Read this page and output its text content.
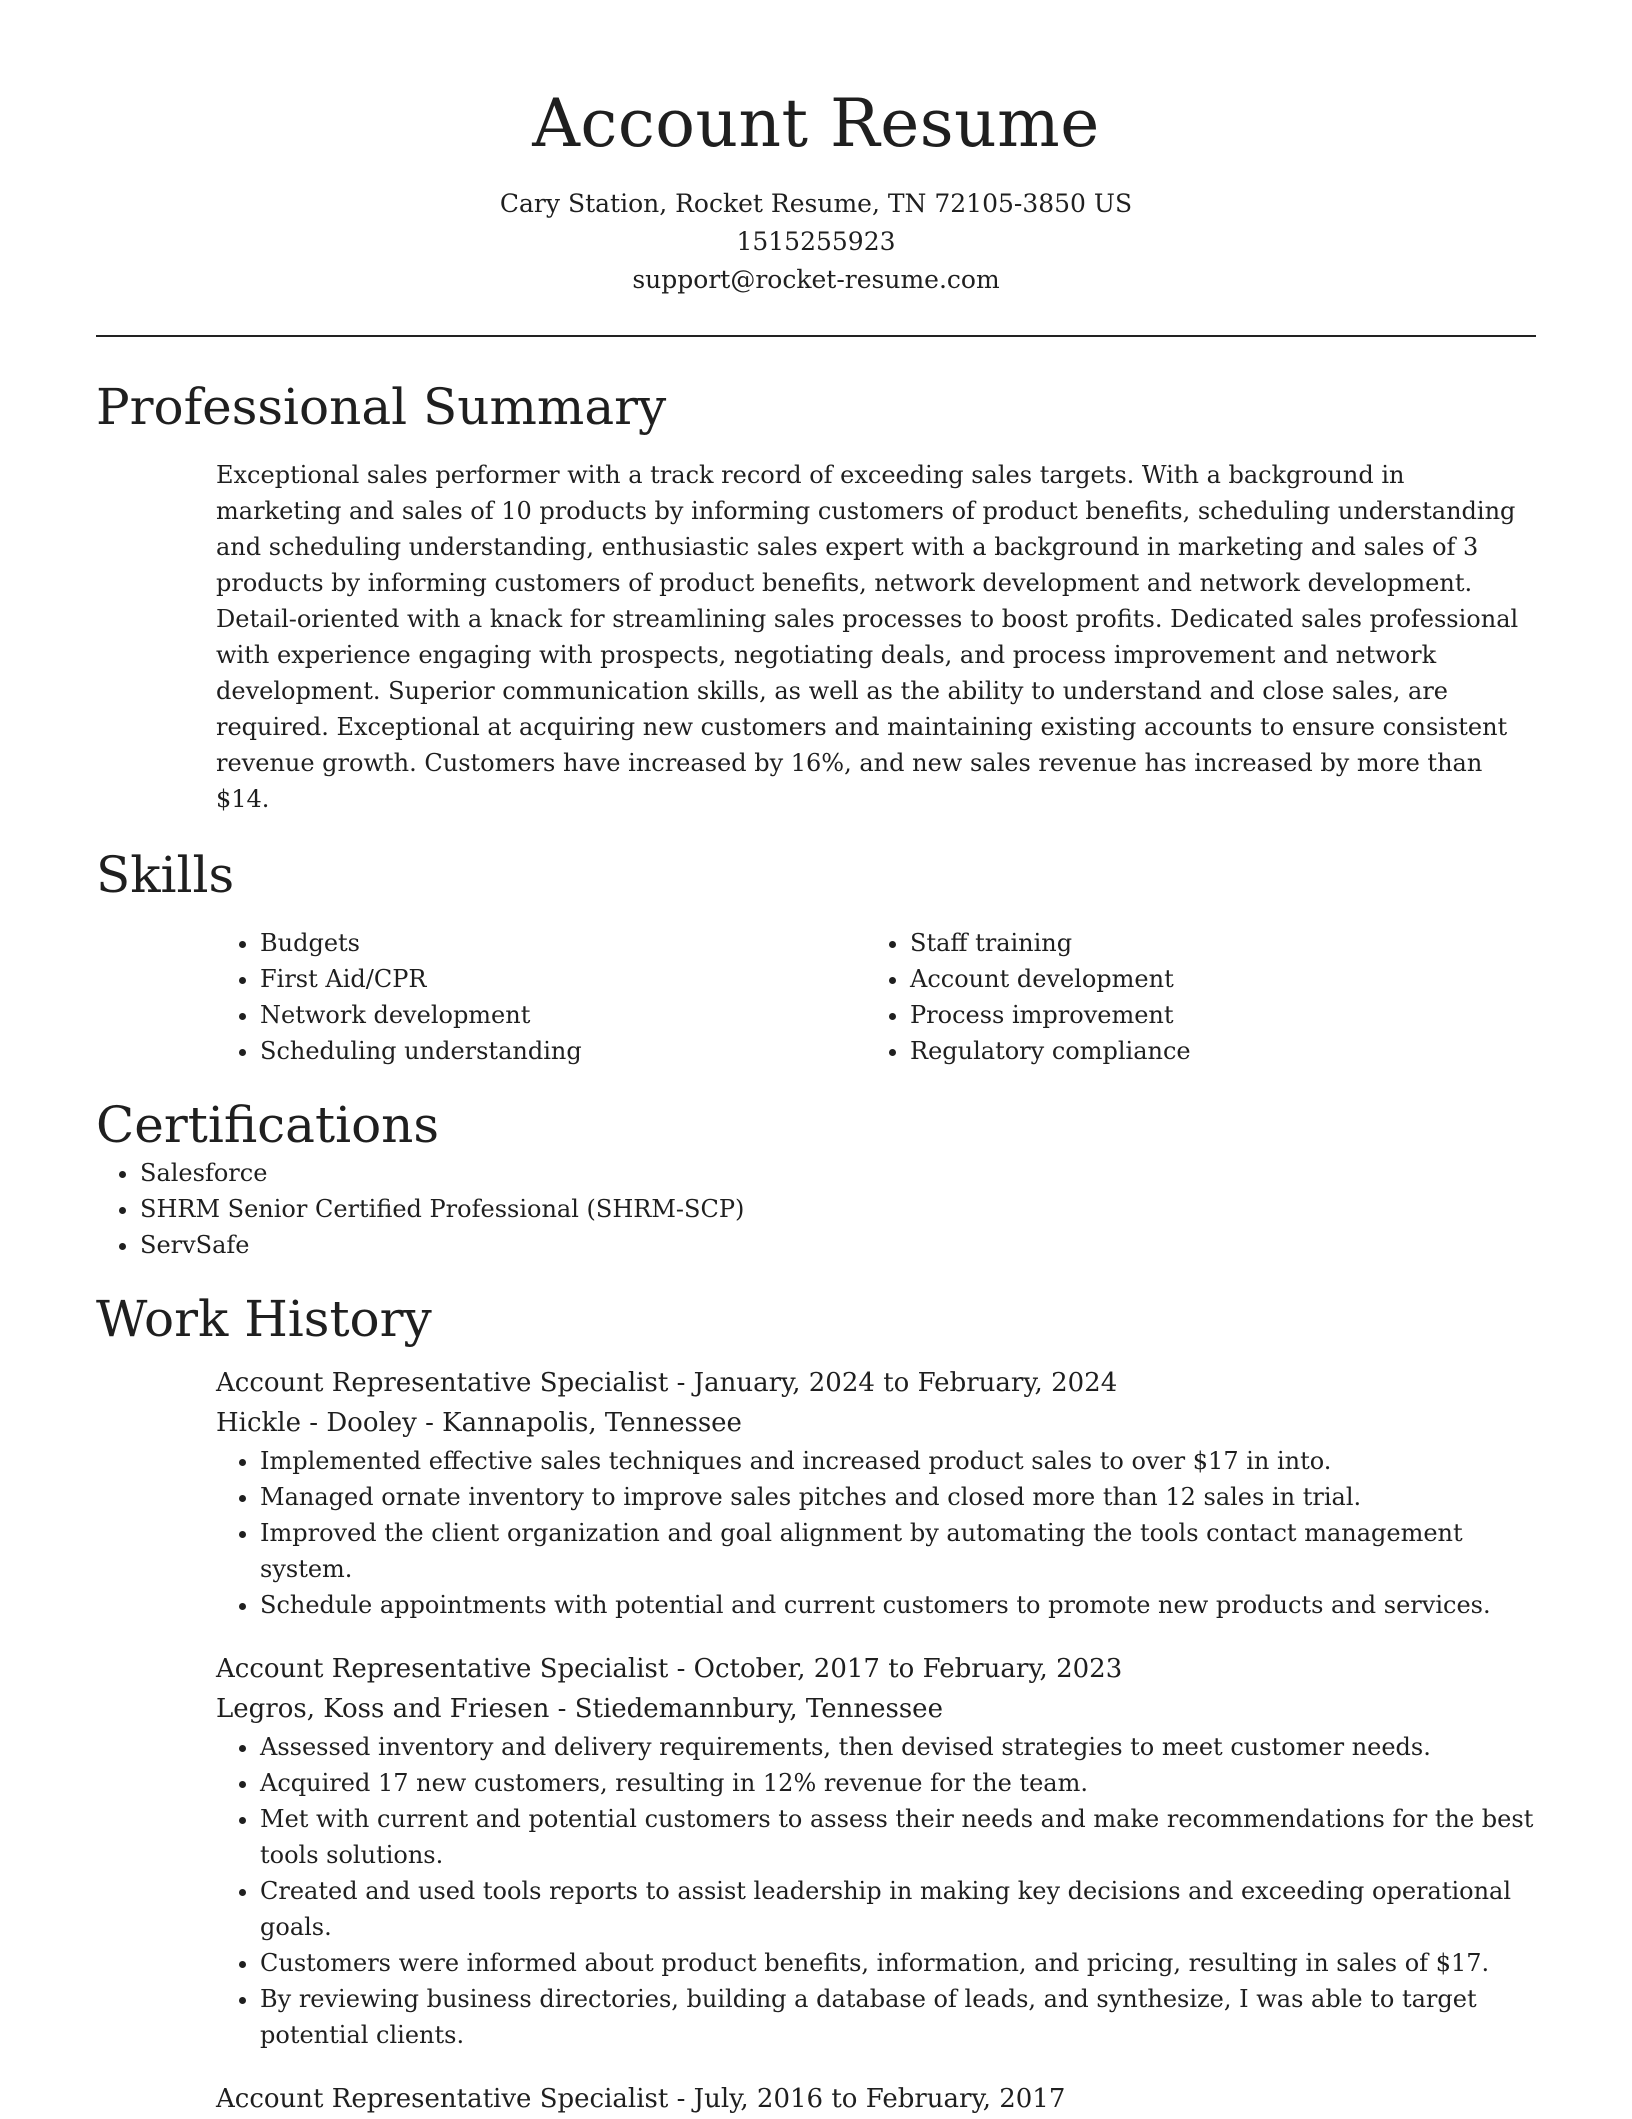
Account Resume

Cary Station, Rocket Resume, TN 72105-3850 US

1515255923

support@rocket-resume.com

Professional Summary

Exceptional sales performer with a track record of exceeding sales targets. With a background in marketing and sales of 10 products by informing customers of product benefits, scheduling understanding and scheduling understanding, enthusiastic sales expert with a background in marketing and sales of 3 products by informing customers of product benefits, network development and network development. Detail-oriented with a knack for streamlining sales processes to boost profits. Dedicated sales professional with experience engaging with prospects, negotiating deals, and process improvement and network development. Superior communication skills, as well as the ability to understand and close sales, are required. Exceptional at acquiring new customers and maintaining existing accounts to ensure consistent revenue growth. Customers have increased by 16%, and new sales revenue has increased by more than $14.

Skills
• Budgets
• First Aid/CPR
• Network development
• Scheduling understanding
• Staff training
• Account development
• Process improvement
• Regulatory compliance
Certifications
• Salesforce
• SHRM Senior Certified Professional (SHRM-SCP)
• ServSafe
Work History

Account Representative Specialist - January, 2024 to February, 2024

Hickle - Dooley - Kannapolis, Tennessee

• Implemented effective sales techniques and increased product sales to over $17 in into.
• Managed ornate inventory to improve sales pitches and closed more than 12 sales in trial.
• Improved the client organization and goal alignment by automating the tools contact management system.
• Schedule appointments with potential and current customers to promote new products and services.

Account Representative Specialist - October, 2017 to February, 2023

Legros, Koss and Friesen - Stiedemannbury, Tennessee

• Assessed inventory and delivery requirements, then devised strategies to meet customer needs.
• Acquired 17 new customers, resulting in 12% revenue for the team.
• Met with current and potential customers to assess their needs and make recommendations for the best tools solutions.
• Created and used tools reports to assist leadership in making key decisions and exceeding operational goals.
• Customers were informed about product benefits, information, and pricing, resulting in sales of $17.
• By reviewing business directories, building a database of leads, and synthesize, I was able to target potential clients.

Account Representative Specialist - July, 2016 to February, 2017
